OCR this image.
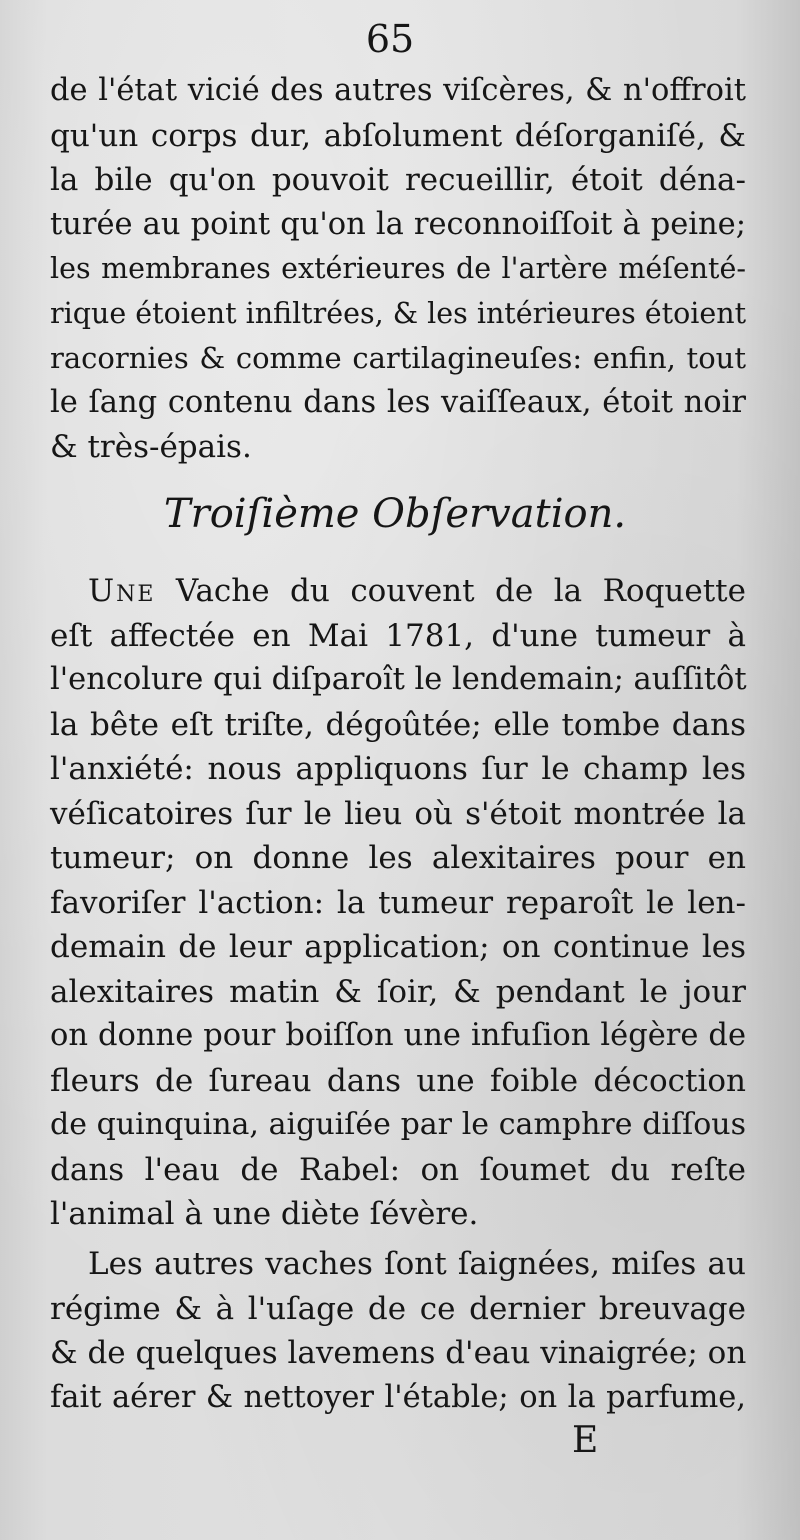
65
de l'état vicié des autres viſcères, & n'offroit
qu'un corps dur, abſolument déſorganiſé, &
la bile qu'on pouvoit recueillir, étoit déna-
turée au point qu'on la reconnoiſſoit à peine;
les membranes extérieures de l'artère méſenté-
rique étoient infiltrées, & les intérieures étoient
racornies & comme cartilagineuſes: enfin, tout
le ſang contenu dans les vaiſſeaux, étoit noir
& très-épais.
Troiſième Obſervation.
Une Vache du couvent de la Roquette
eſt affectée en Mai 1781, d'une tumeur à
l'encolure qui diſparoît le lendemain; auſſitôt
la bête eſt triſte, dégoûtée; elle tombe dans
l'anxiété: nous appliquons ſur le champ les
véſicatoires ſur le lieu où s'étoit montrée la
tumeur; on donne les alexitaires pour en
favoriſer l'action: la tumeur reparoît le len-
demain de leur application; on continue les
alexitaires matin & ſoir, & pendant le jour
on donne pour boiſſon une infuſion légère de
fleurs de ſureau dans une foible décoction
de quinquina, aiguiſée par le camphre diſſous
dans l'eau de Rabel: on ſoumet du reſte
l'animal à une diète ſévère.
Les autres vaches ſont ſaignées, miſes au
régime & à l'uſage de ce dernier breuvage
& de quelques lavemens d'eau vinaigrée; on
fait aérer & nettoyer l'étable; on la parfume,
E
